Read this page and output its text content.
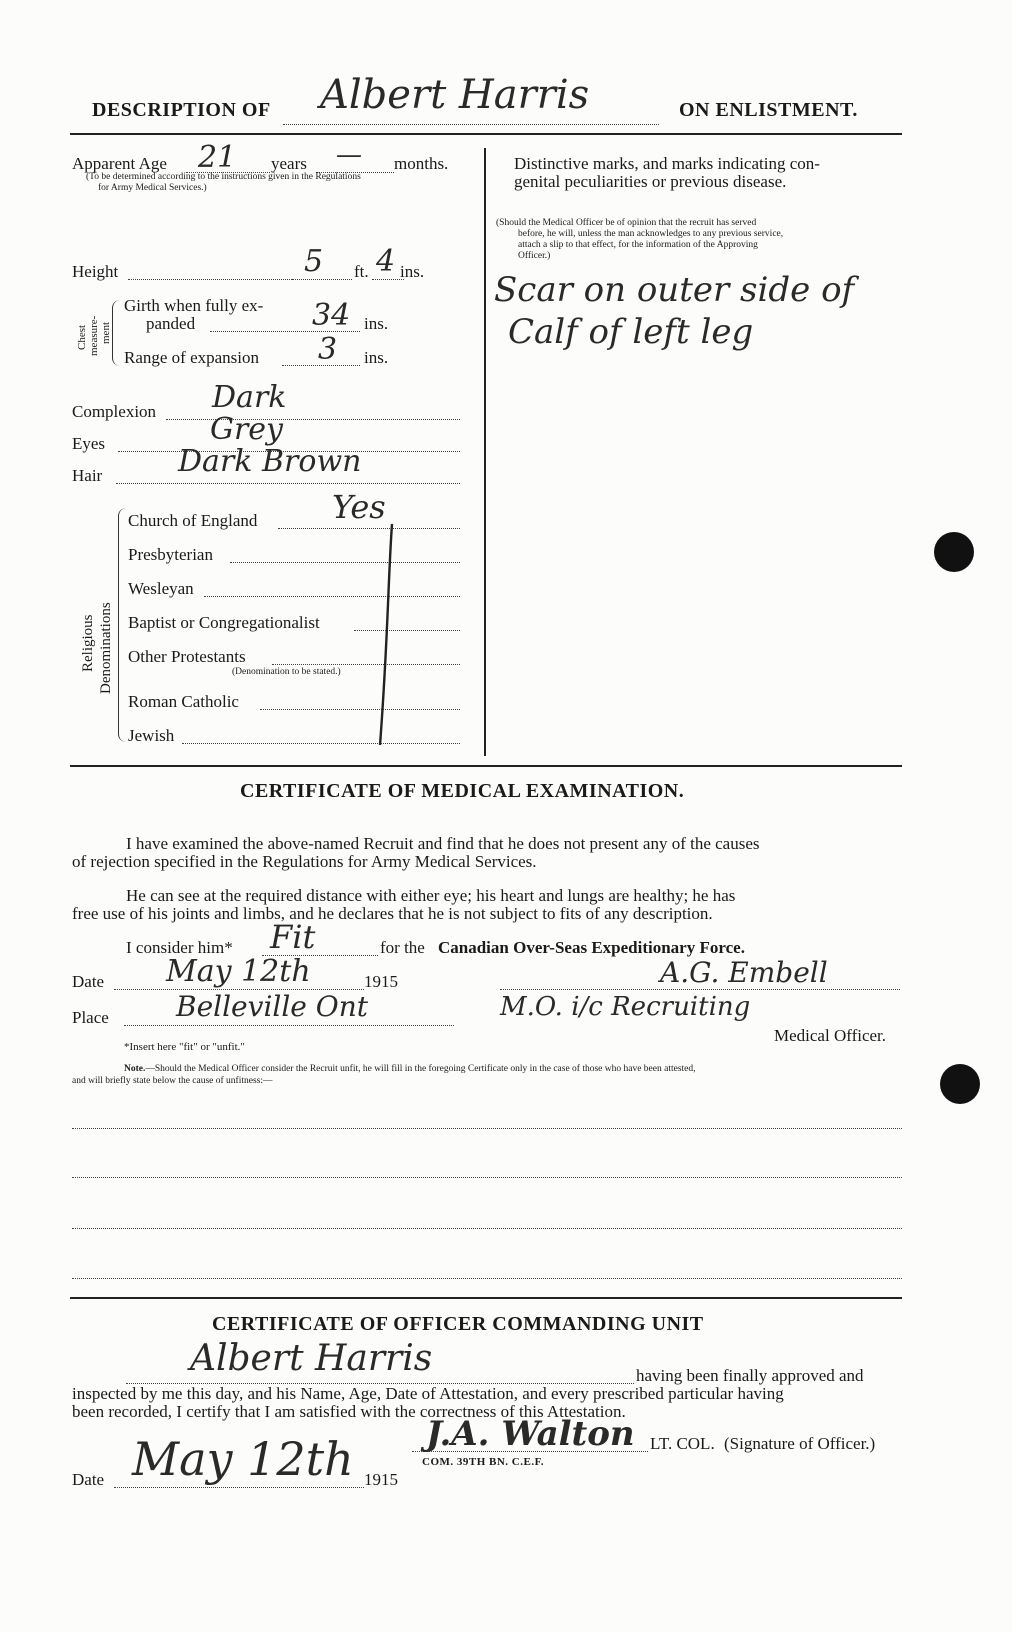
DESCRIPTION OF Albert Harris	ON ENLISTMENT.
Apparent Age 21 years — months.
(To be determined according to the instructions given in the Regulations
for Army Medical Services.)
Height	5 ft. 4 ins.
Chest measure- ment
Girth when fully ex-
panded	34 ins.
Range of expansion 3 ins.
Complexion Dark
Eyes	Grey
Hair	Dark Brown
Religious Denominations
Church of England Yes
Presbyterian
Wesleyan
Baptist or Congregationalist
Other Protestants
(Denomination to be stated.)
Roman Catholic
Jewish
Distinctive marks, and marks indicating con-
genital peculiarities or previous disease.
(Should the Medical Officer be of opinion that the recruit has served
before, he will, unless the man acknowledges to any previous service,
attach a slip to that effect, for the information of the Approving
Officer.)
Scar on outer side of
Calf of left leg
CERTIFICATE OF MEDICAL EXAMINATION.
I have examined the above-named Recruit and find that he does not present any of the causes
of rejection specified in the Regulations for Army Medical Services.
He can see at the required distance with either eye; his heart and lungs are healthy; he has
free use of his joints and limbs, and he declares that he is not subject to fits of any description.
I consider him* Fit	for the Canadian Over-Seas Expeditionary Force.
Date May 12th	1915	A.G. Embell
Place Belleville Ont	M.O. i/c Recruiting
Medical Officer.
*Insert here "fit" or "unfit."
Note.—Should the Medical Officer consider the Recruit unfit, he will fill in the foregoing Certificate only in the case of those who have been attested,
and will briefly state below the cause of unfitness:—
CERTIFICATE OF OFFICER COMMANDING UNIT
Albert Harris	having been finally approved and
inspected by me this day, and his Name, Age, Date of Attestation, and every prescribed particular having
been recorded, I certify that I am satisfied with the correctness of this Attestation.
J.A. Walton LT. COL. (Signature of Officer.)
COM. 39TH BN. C.E.F.
Date May 12th 1915
